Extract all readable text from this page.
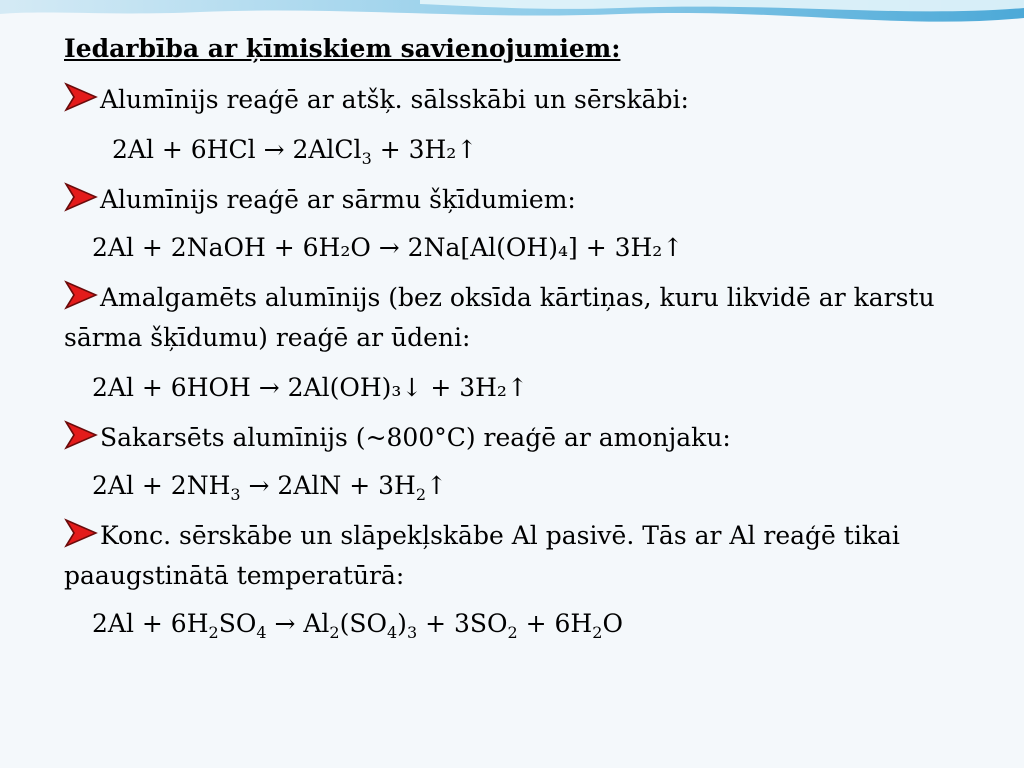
Iedarbība ar ķīmiskiem savienojumiem:
Alumīnijs reaģē ar atšķ. sālsskābi un sērskābi:
2Al + 6HCl → 2AlCl$_3$ + 3H₂↑
Alumīnijs reaģē ar sārmu šķīdumiem:
2Al + 2NaOH + 6H₂O → 2Na[Al(OH)₄] + 3H₂↑
Amalgamēts alumīnijs (bez oksīda kārtiņas, kuru likvidē ar karstu sārma šķīdumu) reaģē ar ūdeni:
2Al + 6HOH → 2Al(OH)₃↓ + 3H₂↑
Sakarsēts alumīnijs (~800°C) reaģē ar amonjaku:
$2Al + 2NH_3 \to 2AlN$ + $3H_2↑$
Konc. sērskābe un slāpekļskābe Al pasivē. Tās ar Al reaģē tikai paaugstinātā temperatūrā:
$2Al + 6H_2SO_4 \to Al_2(SO_4)_3 + 3SO_2 + 6H_2O$
